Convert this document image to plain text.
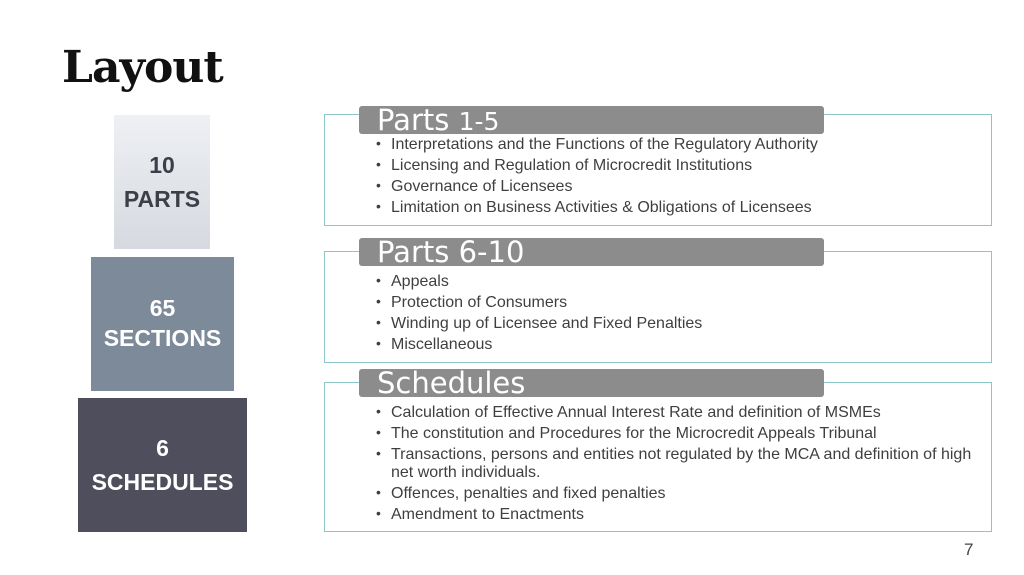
Layout
10
PARTS
65
SECTIONS
6
SCHEDULES
Parts 1-5
• Interpretations and the Functions of the Regulatory Authority
• Licensing and Regulation of Microcredit Institutions
• Governance of Licensees
• Limitation on Business Activities & Obligations of Licensees
Parts 6-10
• Appeals
• Protection of Consumers
• Winding up of Licensee and Fixed Penalties
• Miscellaneous
Schedules
• Calculation of Effective Annual Interest Rate and definition of MSMEs
• The constitution and Procedures for the Microcredit Appeals Tribunal
• Transactions, persons and entities not regulated by the MCA and definition of high net worth individuals.
• Offences, penalties and fixed penalties
• Amendment to Enactments
7
